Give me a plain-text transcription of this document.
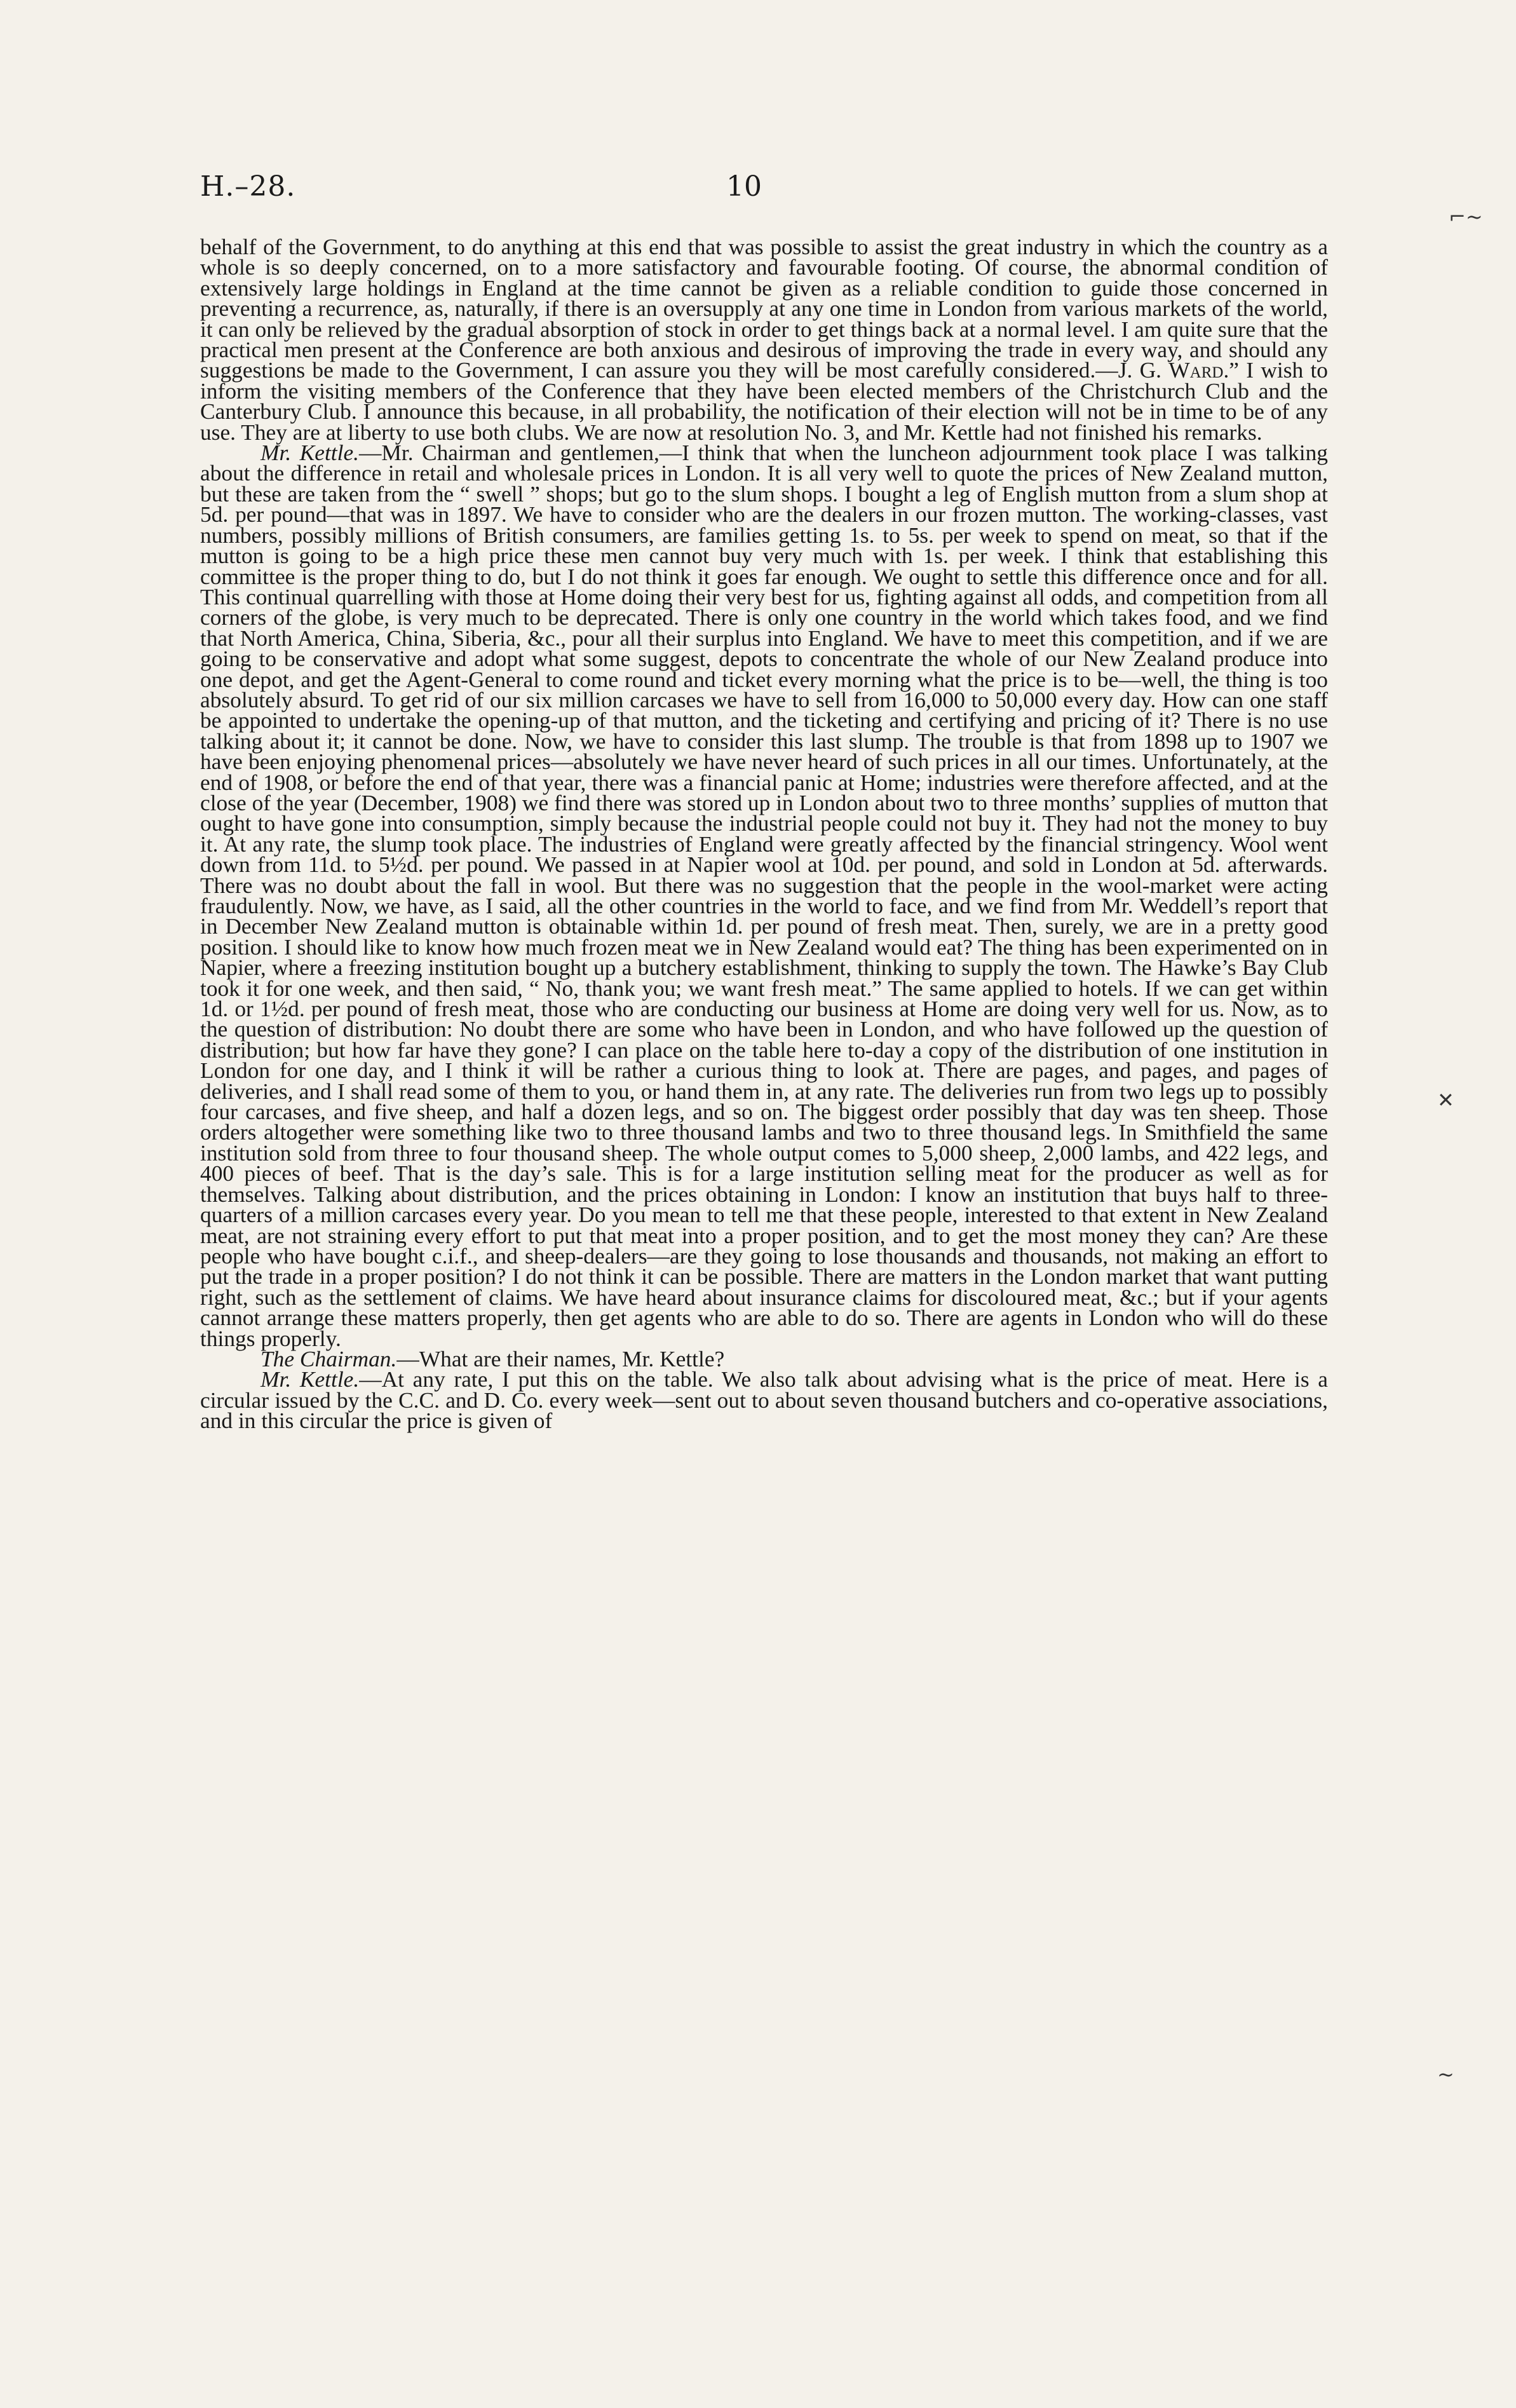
H.–28.	10
⌐~
✕
~

behalf of the Government, to do anything at this end that was possible to assist the great industry in which the country as a whole is so deeply concerned, on to a more satisfactory and favourable footing. Of course, the abnormal condition of extensively large holdings in England at the time cannot be given as a reliable condition to guide those concerned in preventing a recurrence, as, naturally, if there is an oversupply at any one time in London from various markets of the world, it can only be relieved by the gradual absorption of stock in order to get things back at a normal level. I am quite sure that the practical men present at the Conference are both anxious and desirous of improving the trade in every way, and should any suggestions be made to the Government, I can assure you they will be most carefully considered.—J. G. Ward.” I wish to inform the visiting members of the Conference that they have been elected members of the Christchurch Club and the Canterbury Club. I announce this because, in all probability, the notification of their election will not be in time to be of any use. They are at liberty to use both clubs. We are now at resolution No. 3, and Mr. Kettle had not finished his remarks.

Mr. Kettle.—Mr. Chairman and gentlemen,—I think that when the luncheon adjournment took place I was talking about the difference in retail and wholesale prices in London. It is all very well to quote the prices of New Zealand mutton, but these are taken from the “ swell ” shops; but go to the slum shops. I bought a leg of English mutton from a slum shop at 5d. per pound—that was in 1897. We have to consider who are the dealers in our frozen mutton. The working-classes, vast numbers, possibly millions of British consumers, are families getting 1s. to 5s. per week to spend on meat, so that if the mutton is going to be a high price these men cannot buy very much with 1s. per week. I think that establishing this committee is the proper thing to do, but I do not think it goes far enough. We ought to settle this difference once and for all. This continual quarrelling with those at Home doing their very best for us, fighting against all odds, and competition from all corners of the globe, is very much to be deprecated. There is only one country in the world which takes food, and we find that North America, China, Siberia, &c., pour all their surplus into England. We have to meet this competition, and if we are going to be conservative and adopt what some suggest, depots to concentrate the whole of our New Zealand produce into one depot, and get the Agent-General to come round and ticket every morning what the price is to be—well, the thing is too absolutely absurd. To get rid of our six million carcases we have to sell from 16,000 to 50,000 every day. How can one staff be appointed to undertake the opening-up of that mutton, and the ticketing and certifying and pricing of it? There is no use talking about it; it cannot be done. Now, we have to consider this last slump. The trouble is that from 1898 up to 1907 we have been enjoying phenomenal prices—absolutely we have never heard of such prices in all our times. Unfortunately, at the end of 1908, or before the end of that year, there was a financial panic at Home; industries were therefore affected, and at the close of the year (December, 1908) we find there was stored up in London about two to three months’ supplies of mutton that ought to have gone into consumption, simply because the industrial people could not buy it. They had not the money to buy it. At any rate, the slump took place. The industries of England were greatly affected by the financial stringency. Wool went down from 11d. to 5½d. per pound. We passed in at Napier wool at 10d. per pound, and sold in London at 5d. afterwards. There was no doubt about the fall in wool. But there was no suggestion that the people in the wool-market were acting fraudulently. Now, we have, as I said, all the other countries in the world to face, and we find from Mr. Weddell’s report that in December New Zealand mutton is obtainable within 1d. per pound of fresh meat. Then, surely, we are in a pretty good position. I should like to know how much frozen meat we in New Zealand would eat? The thing has been experimented on in Napier, where a freezing institution bought up a butchery establishment, thinking to supply the town. The Hawke’s Bay Club took it for one week, and then said, “ No, thank you; we want fresh meat.” The same applied to hotels. If we can get within 1d. or 1½d. per pound of fresh meat, those who are conducting our business at Home are doing very well for us. Now, as to the question of distribution: No doubt there are some who have been in London, and who have followed up the question of distribution; but how far have they gone? I can place on the table here to-day a copy of the distribution of one institution in London for one day, and I think it will be rather a curious thing to look at. There are pages, and pages, and pages of deliveries, and I shall read some of them to you, or hand them in, at any rate. The deliveries run from two legs up to possibly four carcases, and five sheep, and half a dozen legs, and so on. The biggest order possibly that day was ten sheep. Those orders altogether were something like two to three thousand lambs and two to three thousand legs. In Smithfield the same institution sold from three to four thousand sheep. The whole output comes to 5,000 sheep, 2,000 lambs, and 422 legs, and 400 pieces of beef. That is the day’s sale. This is for a large institution selling meat for the producer as well as for themselves. Talking about distribution, and the prices obtaining in London: I know an institution that buys half to three-quarters of a million carcases every year. Do you mean to tell me that these people, interested to that extent in New Zealand meat, are not straining every effort to put that meat into a proper position, and to get the most money they can? Are these people who have bought c.i.f., and sheep-dealers—are they going to lose thousands and thousands, not making an effort to put the trade in a proper position? I do not think it can be possible. There are matters in the London market that want putting right, such as the settlement of claims. We have heard about insurance claims for discoloured meat, &c.; but if your agents cannot arrange these matters properly, then get agents who are able to do so. There are agents in London who will do these things properly.

The Chairman.—What are their names, Mr. Kettle?

Mr. Kettle.—At any rate, I put this on the table. We also talk about advising what is the price of meat. Here is a circular issued by the C.C. and D. Co. every week—sent out to about seven thousand butchers and co-operative associations, and in this circular the price is given of
